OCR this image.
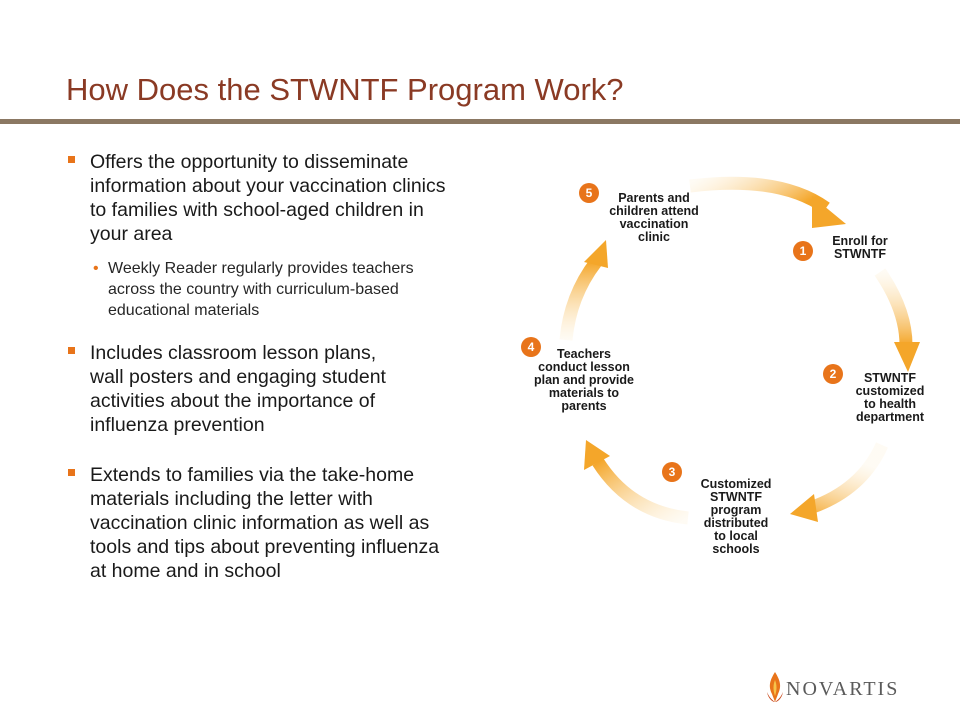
How Does the STWNTF Program Work?
Offers the opportunity to disseminate
information about your vaccination clinics
to families with school-aged children in
your area
• Weekly Reader regularly provides teachers
across the country with curriculum-based
educational materials
Includes classroom lesson plans,
wall posters and engaging student
activities about the importance of
influenza prevention
Extends to families via the take-home
materials including the letter with
vaccination clinic information as well as
tools and tips about preventing influenza
at home and in school
1
Enroll for
STWNTF
2	STWNTF
customized
to health
department
3
Customized
STWNTF
program
distributed
to local
schools
4	Teachers
conduct lesson
plan and provide
materials to
parents
5	Parents and
children attend
vaccination
clinic
NOVARTIS
